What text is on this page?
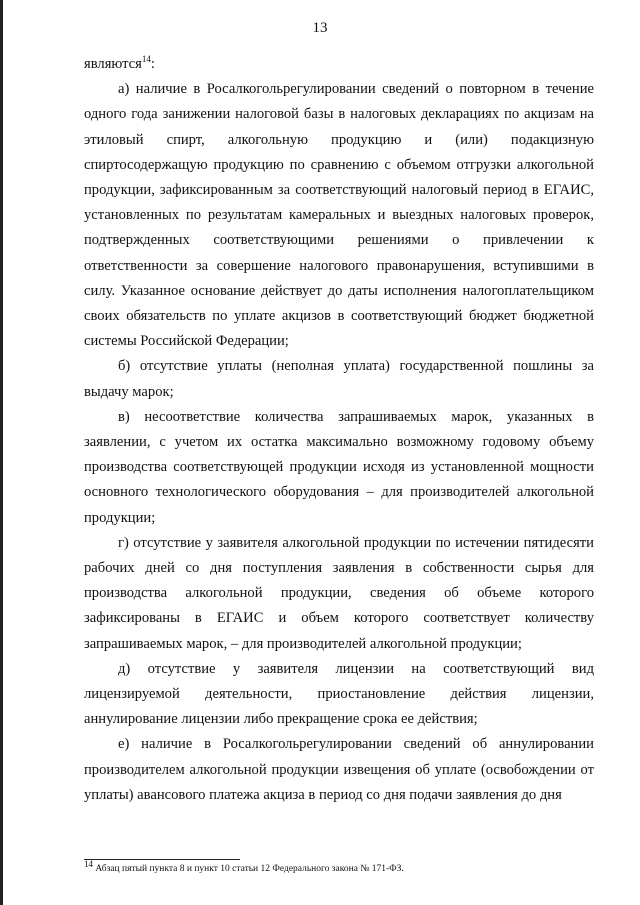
13

являются$^{14}$:

а) наличие в Росалкогольрегулировании сведений о повторном в течение одного года занижении налоговой базы в налоговых декларациях по акцизам на этиловый спирт, алкогольную продукцию и (или) подакцизную спиртосодержащую продукцию по сравнению с объемом отгрузки алкогольной продукции, зафиксированным за соответствующий налоговый период в ЕГАИС, установленных по результатам камеральных и выездных налоговых проверок, подтвержденных соответствующими решениями о привлечении к ответственности за совершение налогового правонарушения, вступившими в силу. Указанное основание действует до даты исполнения налогоплательщиком своих обязательств по уплате акцизов в соответствующий бюджет бюджетной системы Российской Федерации;

б) отсутствие уплаты (неполная уплата) государственной пошлины за выдачу марок;

в) несоответствие количества запрашиваемых марок, указанных в заявлении, с учетом их остатка максимально возможному годовому объему производства соответствующей продукции исходя из установленной мощности основного технологического оборудования – для производителей алкогольной продукции;

г) отсутствие у заявителя алкогольной продукции по истечении пятидесяти рабочих дней со дня поступления заявления в собственности сырья для производства алкогольной продукции, сведения об объеме которого зафиксированы в ЕГАИС и объем которого соответствует количеству запрашиваемых марок, – для производителей алкогольной продукции;

д) отсутствие у заявителя лицензии на соответствующий вид лицензируемой деятельности, приостановление действия лицензии, аннулирование лицензии либо прекращение срока ее действия;

е) наличие в Росалкогольрегулировании сведений об аннулировании производителем алкогольной продукции извещения об уплате (освобождении от уплаты) авансового платежа акциза в период со дня подачи заявления до дня

$^{14}$ Абзац пятый пункта 8 и пункт 10 статьи 12 Федерального закона № 171-ФЗ.
